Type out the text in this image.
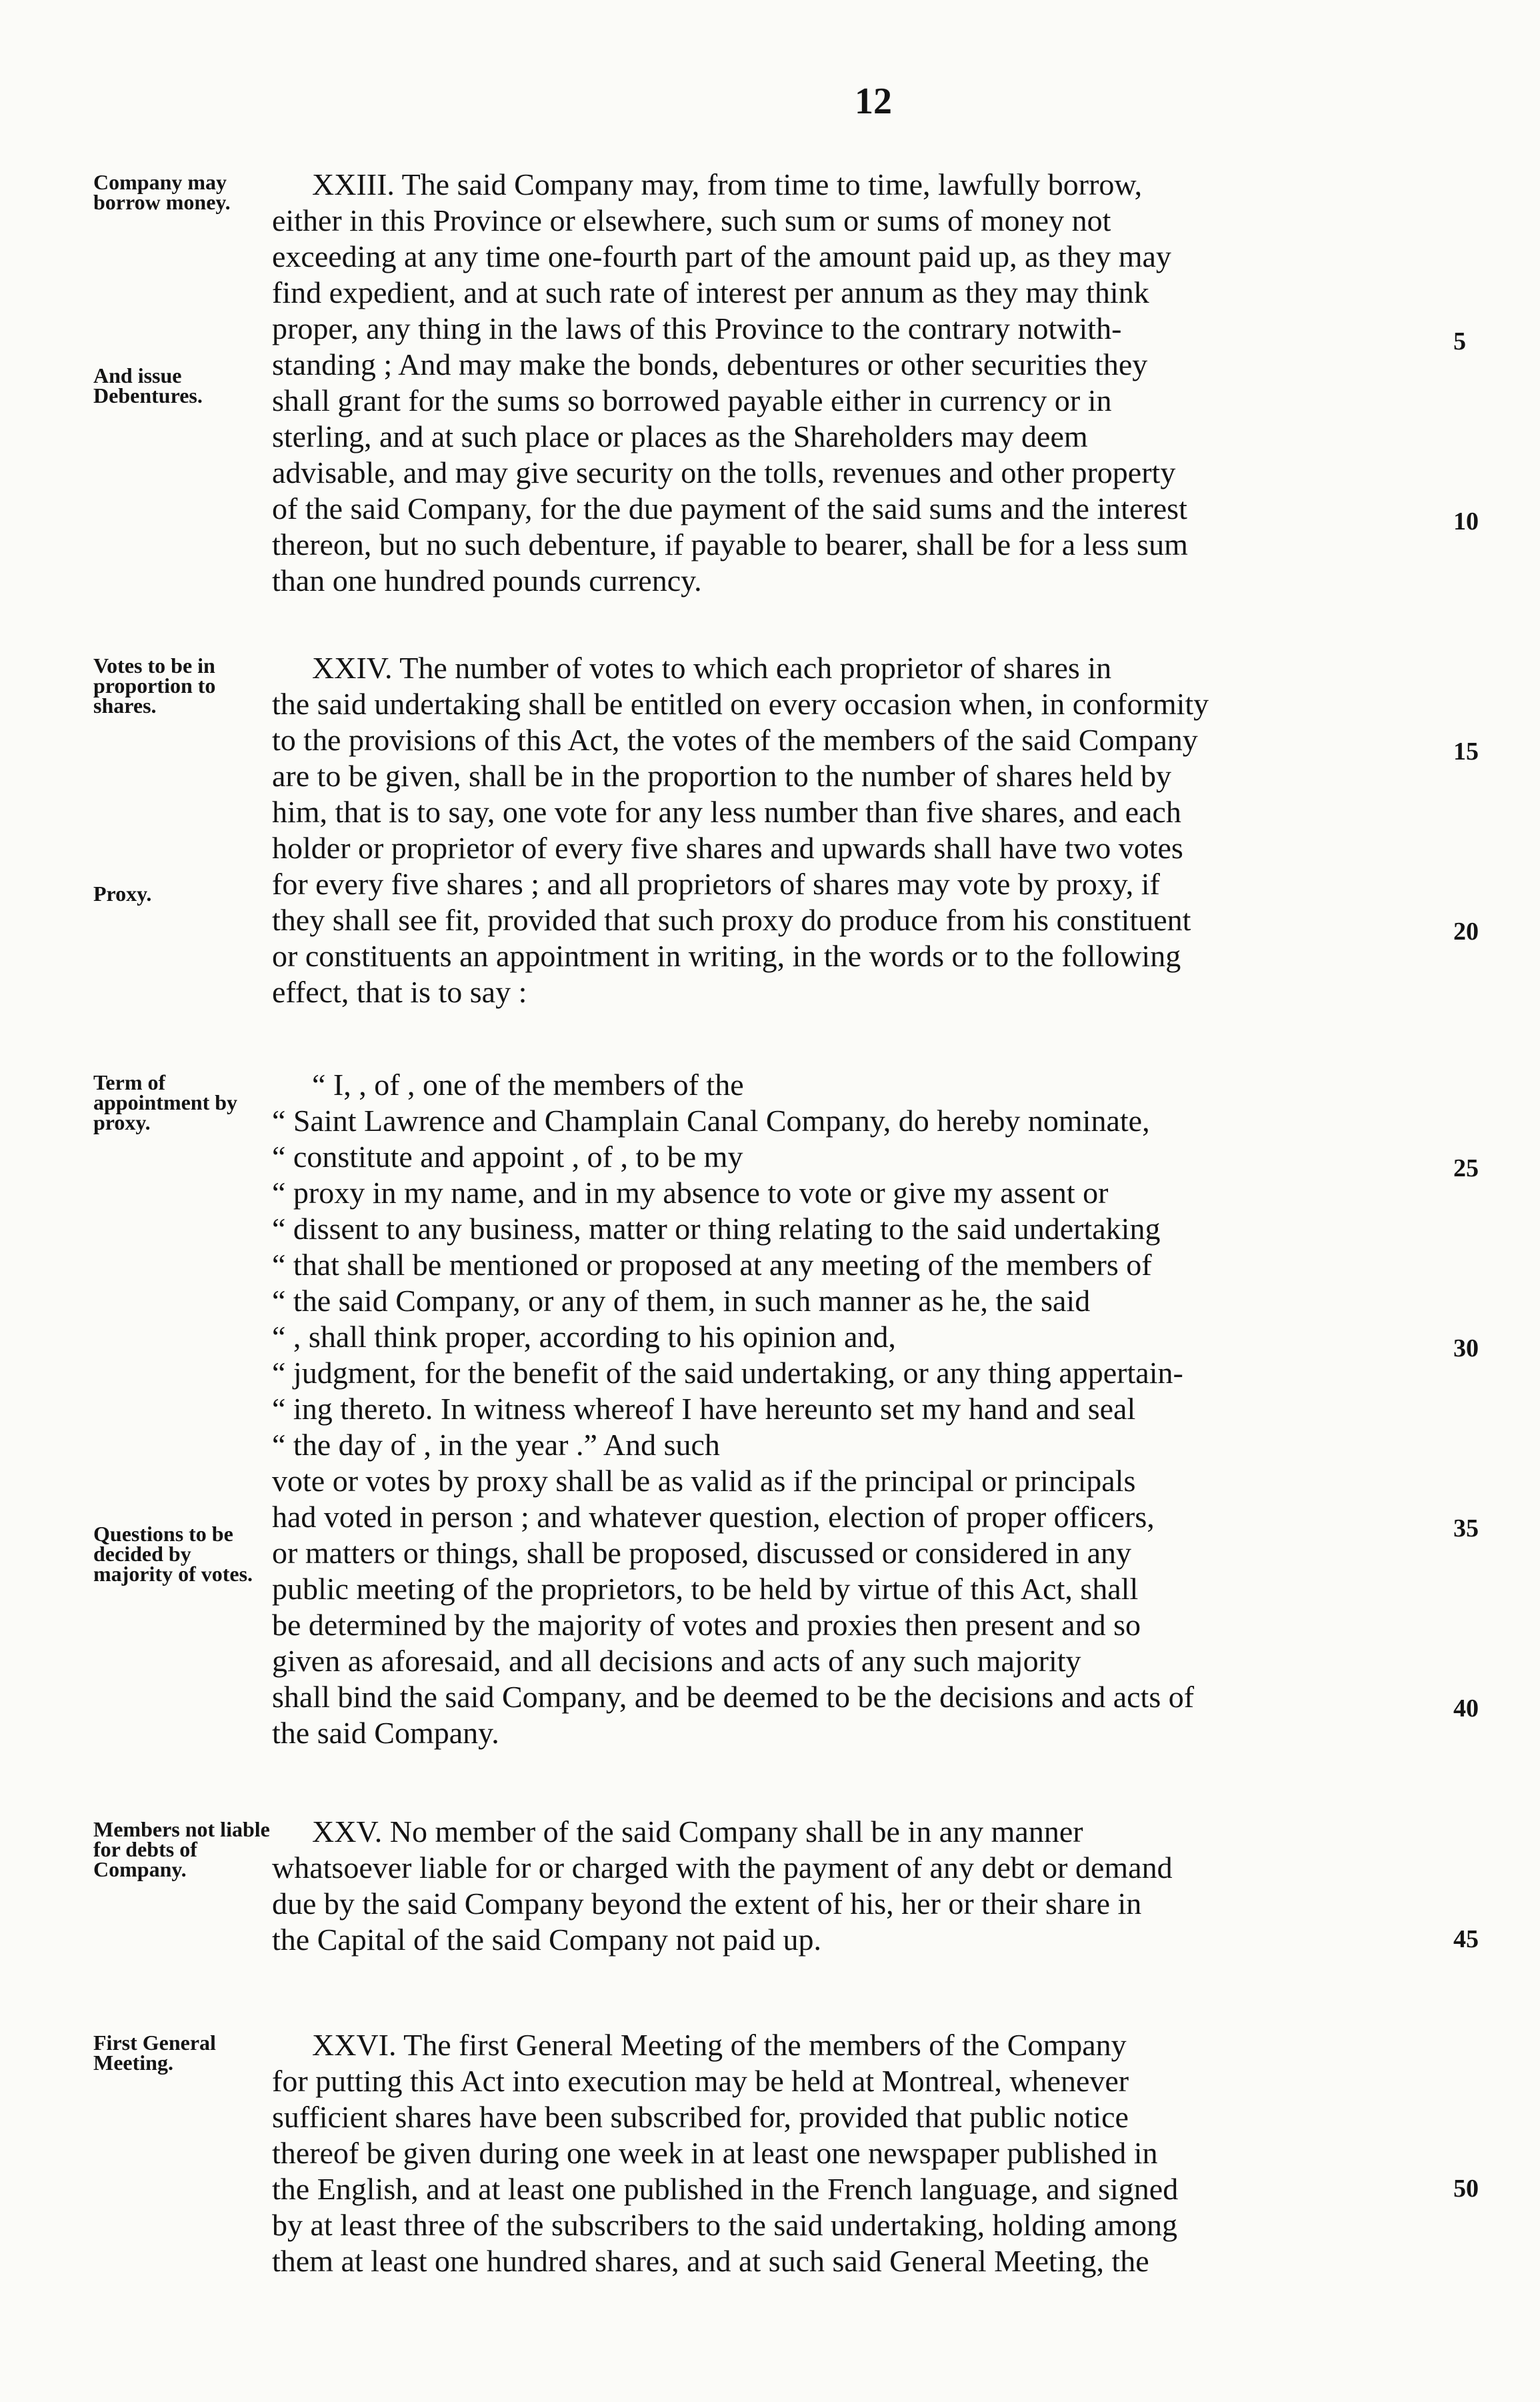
12
Company may borrow money.
And issue Debentures.
XXIII. The said Company may, from time to time, lawfully borrow,
either in this Province or elsewhere, such sum or sums of money not
exceeding at any time one-fourth part of the amount paid up, as they may
find expedient, and at such rate of interest per annum as they may think
proper, any thing in the laws of this Province to the contrary notwith-
standing ; And may make the bonds, debentures or other securities they
shall grant for the sums so borrowed payable either in currency or in
sterling, and at such place or places as the Shareholders may deem
advisable, and may give security on the tolls, revenues and other property
of the said Company, for the due payment of the said sums and the interest
thereon, but no such debenture, if payable to bearer, shall be for a less sum
than one hundred pounds currency.
5
10
Votes to be in proportion to shares.
Proxy.
XXIV. The number of votes to which each proprietor of shares in
the said undertaking shall be entitled on every occasion when, in conformity
to the provisions of this Act, the votes of the members of the said Company
are to be given, shall be in the proportion to the number of shares held by
him, that is to say, one vote for any less number than five shares, and each
holder or proprietor of every five shares and upwards shall have two votes
for every five shares ; and all proprietors of shares may vote by proxy, if
they shall see fit, provided that such proxy do produce from his constituent
or constituents an appointment in writing, in the words or to the following
effect, that is to say :
15
20
Term of appointment by proxy.
Questions to be decided by majority of votes.
“ I, , of , one of the members of the
“ Saint Lawrence and Champlain Canal Company, do hereby nominate,
“ constitute and appoint , of , to be my
“ proxy in my name, and in my absence to vote or give my assent or
“ dissent to any business, matter or thing relating to the said undertaking
“ that shall be mentioned or proposed at any meeting of the members of
“ the said Company, or any of them, in such manner as he, the said
“ , shall think proper, according to his opinion and,
“ judgment, for the benefit of the said undertaking, or any thing appertain-
“ ing thereto. In witness whereof I have hereunto set my hand and seal
“ the day of , in the year .” And such
vote or votes by proxy shall be as valid as if the principal or principals
had voted in person ; and whatever question, election of proper officers,
or matters or things, shall be proposed, discussed or considered in any
public meeting of the proprietors, to be held by virtue of this Act, shall
be determined by the majority of votes and proxies then present and so
given as aforesaid, and all decisions and acts of any such majority
shall bind the said Company, and be deemed to be the decisions and acts of
the said Company.
25
30
35
40
Members not liable for debts of Company.
XXV. No member of the said Company shall be in any manner
whatsoever liable for or charged with the payment of any debt or demand
due by the said Company beyond the extent of his, her or their share in
the Capital of the said Company not paid up.	45
First General Meeting.
XXVI. The first General Meeting of the members of the Company
for putting this Act into execution may be held at Montreal, whenever
sufficient shares have been subscribed for, provided that public notice
thereof be given during one week in at least one newspaper published in
the English, and at least one published in the French language, and signed
by at least three of the subscribers to the said undertaking, holding among
them at least one hundred shares, and at such said General Meeting, the
50
